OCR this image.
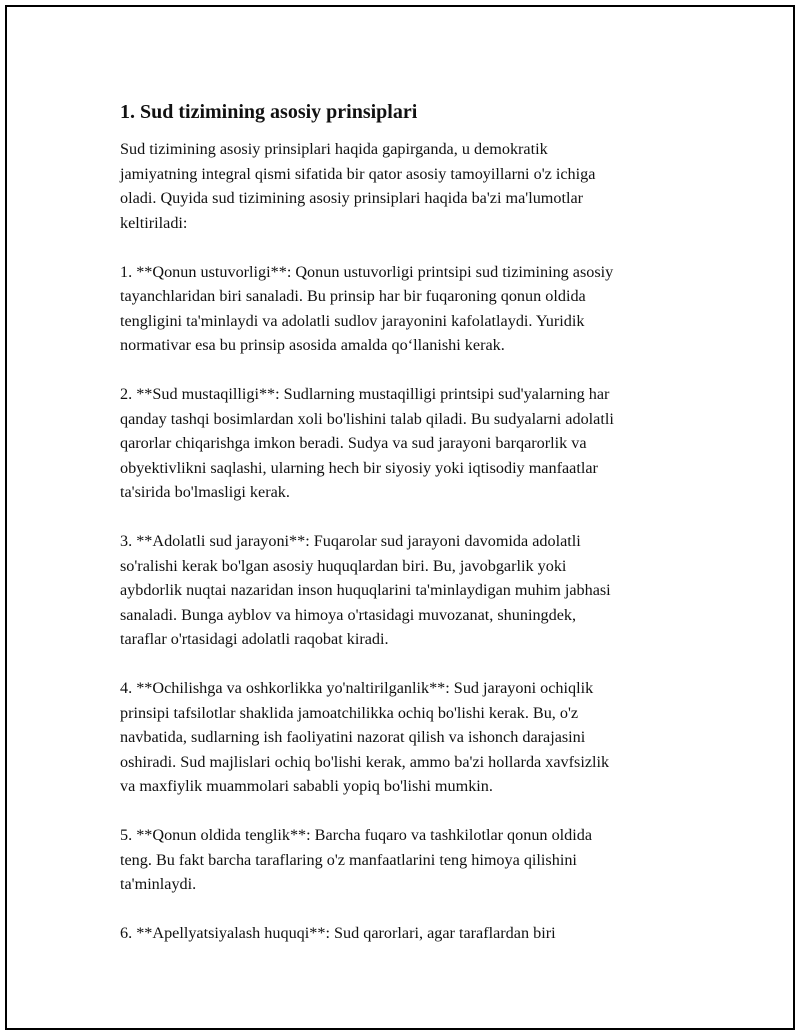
1. Sud tizimining asosiy prinsiplari

Sud tizimining asosiy prinsiplari haqida gapirganda, u demokratik
jamiyatning integral qismi sifatida bir qator asosiy tamoyillarni o'z ichiga
oladi. Quyida sud tizimining asosiy prinsiplari haqida ba'zi ma'lumotlar
keltiriladi:

1. **Qonun ustuvorligi**: Qonun ustuvorligi printsipi sud tizimining asosiy
tayanchlaridan biri sanaladi. Bu prinsip har bir fuqaroning qonun oldida
tengligini ta'minlaydi va adolatli sudlov jarayonini kafolatlaydi. Yuridik
normativar esa bu prinsip asosida amalda qo‘llanishi kerak.

2. **Sud mustaqilligi**: Sudlarning mustaqilligi printsipi sud'yalarning har
qanday tashqi bosimlardan xoli bo'lishini talab qiladi. Bu sudyalarni adolatli
qarorlar chiqarishga imkon beradi. Sudya va sud jarayoni barqarorlik va
obyektivlikni saqlashi, ularning hech bir siyosiy yoki iqtisodiy manfaatlar
ta'sirida bo'lmasligi kerak.

3. **Adolatli sud jarayoni**: Fuqarolar sud jarayoni davomida adolatli
so'ralishi kerak bo'lgan asosiy huquqlardan biri. Bu, javobgarlik yoki
aybdorlik nuqtai nazaridan inson huquqlarini ta'minlaydigan muhim jabhasi
sanaladi. Bunga ayblov va himoya o'rtasidagi muvozanat, shuningdek,
taraflar o'rtasidagi adolatli raqobat kiradi.

4. **Ochilishga va oshkorlikka yo'naltirilganlik**: Sud jarayoni ochiqlik
prinsipi tafsilotlar shaklida jamoatchilikka ochiq bo'lishi kerak. Bu, o'z
navbatida, sudlarning ish faoliyatini nazorat qilish va ishonch darajasini
oshiradi. Sud majlislari ochiq bo'lishi kerak, ammo ba'zi hollarda xavfsizlik
va maxfiylik muammolari sababli yopiq bo'lishi mumkin.

5. **Qonun oldida tenglik**: Barcha fuqaro va tashkilotlar qonun oldida
teng. Bu fakt barcha taraflaring o'z manfaatlarini teng himoya qilishini
ta'minlaydi.

6. **Apellyatsiyalash huquqi**: Sud qarorlari, agar taraflardan biri
